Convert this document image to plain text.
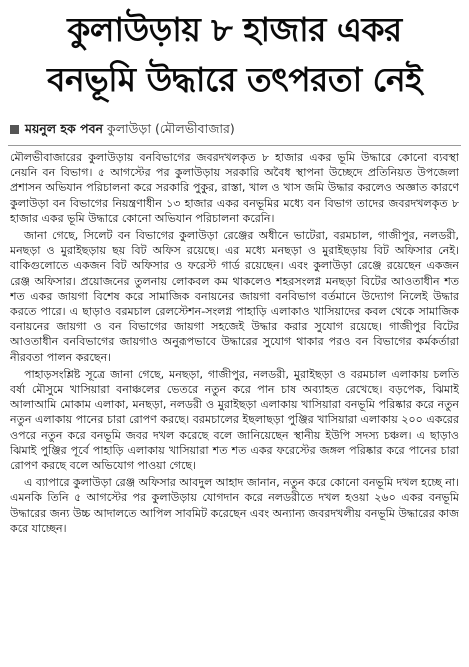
কুলাউড়ায় ৮ হাজার একর
বনভূমি উদ্ধারে তৎপরতা নেই
ময়নুল হক পবন কুলাউড়া (মৌলভীবাজার)

মৌলভীবাজারের কুলাউড়ায় বনবিভাগের জবরদখলকৃত ৮ হাজার একর ভূমি উদ্ধারে কোনো ব্যবস্থা নেয়নি বন বিভাগ। ৫ আগস্টের পর কুলাউড়ায় সরকারি অবৈধ স্থাপনা উচ্ছেদে প্রতিনিয়ত উপজেলা প্রশাসন অভিযান পরিচালনা করে সরকারি পুকুর, রাস্তা, খাল ও খাস জমি উদ্ধার করলেও অজ্ঞাত কারণে কুলাউড়া বন বিভাগের নিয়ন্ত্রণাধীন ১৩ হাজার একর বনভূমির মধ্যে বন বিভাগ তাদের জবরদখলকৃত ৮ হাজার একর ভূমি উদ্ধারে কোনো অভিযান পরিচালনা করেনি।

জানা গেছে, সিলেট বন বিভাগের কুলাউড়া রেঞ্জের অধীনে ভাটেরা, বরমচাল, গাজীপুর, নলডরী, মনছড়া ও মুরাইছড়ায় ছয় বিট অফিস রয়েছে। এর মধ্যে মনছড়া ও মুরাইছড়ায় বিট অফিসার নেই। বাকিগুলোতে একজন বিট অফিসার ও ফরেস্ট গার্ড রয়েছেন। এবং কুলাউড়া রেঞ্জে রয়েছেন একজন রেঞ্জ অফিসার। প্রয়োজনের তুলনায় লোকবল কম থাকলেও শহরসংলগ্ন মনছড়া বিটের আওতাধীন শত শত একর জায়গা বিশেষ করে সামাজিক বনায়নের জায়গা বনবিভাগ বর্তমানে উদ্যোগ নিলেই উদ্ধার করতে পারে। এ ছাড়াও বরমচাল রেলস্টেশন-সংলগ্ন পাহাড়ি এলাকাও খাসিয়াদের কবল থেকে সামাজিক বনায়নের জায়গা ও বন বিভাগের জায়গা সহজেই উদ্ধার করার সুযোগ রয়েছে। গাজীপুর বিটের আওতাধীন বনবিভাগের জায়গাও অনুরূপভাবে উদ্ধারের সুযোগ থাকার পরও বন বিভাগের কর্মকর্তারা নীরবতা পালন করছেন।

পাহাড়সংশ্লিষ্ট সূত্রে জানা গেছে, মনছড়া, গাজীপুর, নলডরী, মুরাইছড়া ও বরমচাল এলাকায় চলতি বর্ষা মৌসুমে খাসিয়ারা বনাঞ্চলের ভেতরে নতুন করে পান চাষ অব্যাহত রেখেছে। বড়পেক, ঝিমাই আলাআমি মোকাম এলাকা, মনছড়া, নলডরী ও মুরাইছড়া এলাকায় খাসিয়ারা বনভূমি পরিষ্কার করে নতুন নতুন এলাকায় পানের চারা রোপণ করছে। বরমচালের ইছলাছড়া পুঞ্জির খাসিয়ারা এলাকায় ২০০ একরের ওপরে নতুন করে বনভূমি জবর দখল করেছে বলে জানিয়েছেন স্থানীয় ইউপি সদস্য চঞ্চল। এ ছাড়াও ঝিমাই পুঞ্জির পূর্বে পাহাড়ি এলাকায় খাসিয়ারা শত শত একর ফরেস্টের জঙ্গল পরিষ্কার করে পানের চারা রোপণ করছে বলে অভিযোগ পাওয়া গেছে।

এ ব্যাপারে কুলাউড়া রেঞ্জ অফিসার আবদুল আহাদ জানান, নতুন করে কোনো বনভূমি দখল হচ্ছে না। এমনকি তিনি ৫ আগস্টের পর কুলাউড়ায় যোগদান করে নলডরীতে দখল হওয়া ২৬০ একর বনভূমি উদ্ধারের জন্য উচ্চ আদালতে আপিল সাবমিট করেছেন এবং অন্যান্য জবরদখলীয় বনভূমি উদ্ধারের কাজ করে যাচ্ছেন।
